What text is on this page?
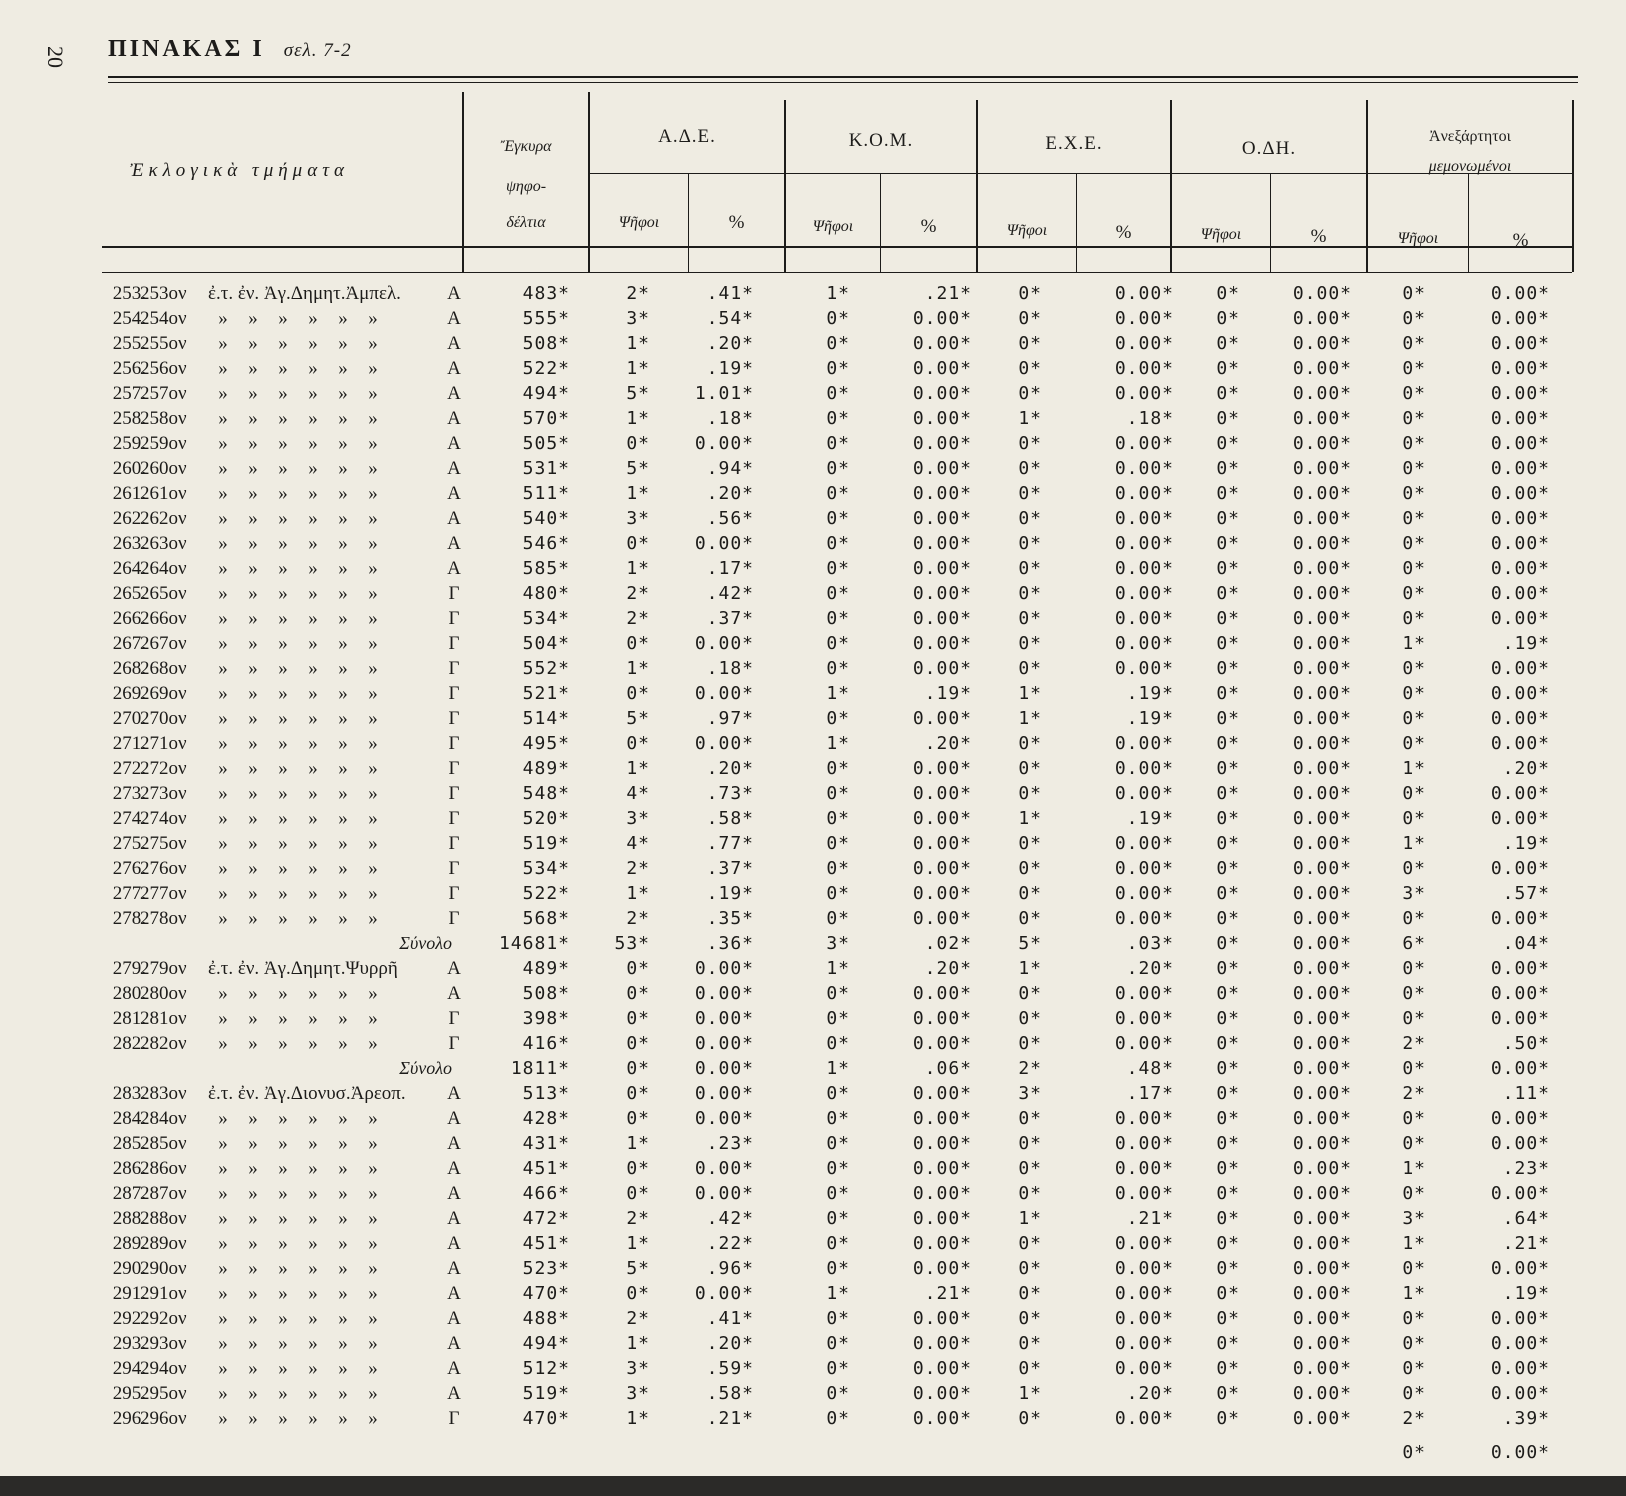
20 ΠΙΝΑΚΑΣ Ι σελ. 7-2
Ἐκλογικὰ τμήματα
Ἔγκυρα
ψηφο-
δέλτια
Α.Δ.Ε.	Κ.Ο.Μ.	Ε.Χ.Ε.	Ο.ΔΗ.
Ἀνεξάρτητοι
μεμονωμένοι
Ψῆφοι	%	Ψῆφοι	%	Ψῆφοι	%	Ψῆφοι	%	Ψῆφοι	%
253.
253ον ἐ.τ. ἐν. Ἀγ.Δημητ.Ἀμπελ.	Α	483*	2*	.41*	1*	.21*	0*	0.00*	0*	0.00*	0*	0.00*
254.
254ον » » » » » »	Α	555*	3*	.54*	0*	0.00*	0*	0.00*	0*	0.00*	0*	0.00*
255.
255ον » » » » » »	Α	508*	1*	.20*	0*	0.00*	0*	0.00*	0*	0.00*	0*	0.00*
256.
256ον » » » » » »	Α	522*	1*	.19*	0*	0.00*	0*	0.00*	0*	0.00*	0*	0.00*
257.
257ον » » » » » »	Α	494*	5*	1.01*	0*	0.00*	0*	0.00*	0*	0.00*	0*	0.00*
258.
258ον » » » » » »	Α	570*	1*	.18*	0*	0.00*	1*	.18*	0*	0.00*	0*	0.00*
259.
259ον » » » » » »	Α	505*	0*	0.00*	0*	0.00*	0*	0.00*	0*	0.00*	0*	0.00*
260.
260ον » » » » » »	Α	531*	5*	.94*	0*	0.00*	0*	0.00*	0*	0.00*	0*	0.00*
261.
261ον » » » » » »	Α	511*	1*	.20*	0*	0.00*	0*	0.00*	0*	0.00*	0*	0.00*
262.
262ον » » » » » »	Α	540*	3*	.56*	0*	0.00*	0*	0.00*	0*	0.00*	0*	0.00*
263.
263ον » » » » » »	Α	546*	0*	0.00*	0*	0.00*	0*	0.00*	0*	0.00*	0*	0.00*
264.
264ον » » » » » »	Α	585*	1*	.17*	0*	0.00*	0*	0.00*	0*	0.00*	0*	0.00*
265.
265ον » » » » » »	Γ	480*	2*	.42*	0*	0.00*	0*	0.00*	0*	0.00*	0*	0.00*
266.
266ον » » » » » »	Γ	534*	2*	.37*	0*	0.00*	0*	0.00*	0*	0.00*	0*	0.00*
267.
267ον » » » » » »	Γ	504*	0*	0.00*	0*	0.00*	0*	0.00*	0*	0.00*	1*	.19*
268.
268ον » » » » » »	Γ	552*	1*	.18*	0*	0.00*	0*	0.00*	0*	0.00*	0*	0.00*
269.
269ον » » » » » »	Γ	521*	0*	0.00*	1*	.19*	1*	.19*	0*	0.00*	0*	0.00*
270.
270ον » » » » » »	Γ	514*	5*	.97*	0*	0.00*	1*	.19*	0*	0.00*	0*	0.00*
271.
271ον » » » » » »	Γ	495*	0*	0.00*	1*	.20*	0*	0.00*	0*	0.00*	0*	0.00*
272.
272ον » » » » » »	Γ	489*	1*	.20*	0*	0.00*	0*	0.00*	0*	0.00*	1*	.20*
273.
273ον » » » » » »	Γ	548*	4*	.73*	0*	0.00*	0*	0.00*	0*	0.00*	0*	0.00*
274.
274ον » » » » » »	Γ	520*	3*	.58*	0*	0.00*	1*	.19*	0*	0.00*	0*	0.00*
275.
275ον » » » » » »	Γ	519*	4*	.77*	0*	0.00*	0*	0.00*	0*	0.00*	1*	.19*
276.
276ον » » » » » »	Γ	534*	2*	.37*	0*	0.00*	0*	0.00*	0*	0.00*	0*	0.00*
277.
277ον » » » » » »	Γ	522*	1*	.19*	0*	0.00*	0*	0.00*	0*	0.00*	3*	.57*
278.
278ον » » » » » »	Γ	568*	2*	.35*	0*	0.00*	0*	0.00*	0*	0.00*	0*	0.00*
Σύνολο	14681*	53*	.36*	3*	.02*	5*	.03*	0*	0.00*	6*	.04*
279.
279ον ἐ.τ. ἐν. Ἀγ.Δημητ.Ψυρρῆ	Α	489*	0*	0.00*	1*	.20*	1*	.20*	0*	0.00*	0*	0.00*
280.
280ον » » » » » »	Α	508*	0*	0.00*	0*	0.00*	0*	0.00*	0*	0.00*	0*	0.00*
281.
281ον » » » » » »	Γ	398*	0*	0.00*	0*	0.00*	0*	0.00*	0*	0.00*	0*	0.00*
282.
282ον » » » » » »	Γ	416*	0*	0.00*	0*	0.00*	0*	0.00*	0*	0.00*	2*	.50*
Σύνολο	1811*	0*	0.00*	1*	.06*	2*	.48*	0*	0.00*	0*	0.00*
283.
283ον ἐ.τ. ἐν. Ἀγ.Διονυσ.Ἀρεοπ.	Α	513*	0*	0.00*	0*	0.00*	3*	.17*	0*	0.00*	2*	.11*
284.
284ον » » » » » »	Α	428*	0*	0.00*	0*	0.00*	0*	0.00*	0*	0.00*	0*	0.00*
285.
285ον » » » » » »	Α	431*	1*	.23*	0*	0.00*	0*	0.00*	0*	0.00*	0*	0.00*
286.
286ον » » » » » »	Α	451*	0*	0.00*	0*	0.00*	0*	0.00*	0*	0.00*	1*	.23*
287.
287ον » » » » » »	Α	466*	0*	0.00*	0*	0.00*	0*	0.00*	0*	0.00*	0*	0.00*
288.
288ον » » » » » »	Α	472*	2*	.42*	0*	0.00*	1*	.21*	0*	0.00*	3*	.64*
289.
289ον » » » » » »	Α	451*	1*	.22*	0*	0.00*	0*	0.00*	0*	0.00*	1*	.21*
290.
290ον » » » » » »	Α	523*	5*	.96*	0*	0.00*	0*	0.00*	0*	0.00*	0*	0.00*
291.
291ον » » » » » »	Α	470*	0*	0.00*	1*	.21*	0*	0.00*	0*	0.00*	1*	.19*
292.
292ον » » » » » »	Α	488*	2*	.41*	0*	0.00*	0*	0.00*	0*	0.00*	0*	0.00*
293.
293ον » » » » » »	Α	494*	1*	.20*	0*	0.00*	0*	0.00*	0*	0.00*	0*	0.00*
294.
294ον » » » » » »	Α	512*	3*	.59*	0*	0.00*	0*	0.00*	0*	0.00*	0*	0.00*
295.
295ον » » » » » »	Α	519*	3*	.58*	0*	0.00*	1*	.20*	0*	0.00*	0*	0.00*
296.
296ον » » » » » »	Γ	470*	1*	.21*	0*	0.00*	0*	0.00*	0*	0.00*	2*	.39*
0*	0.00*
